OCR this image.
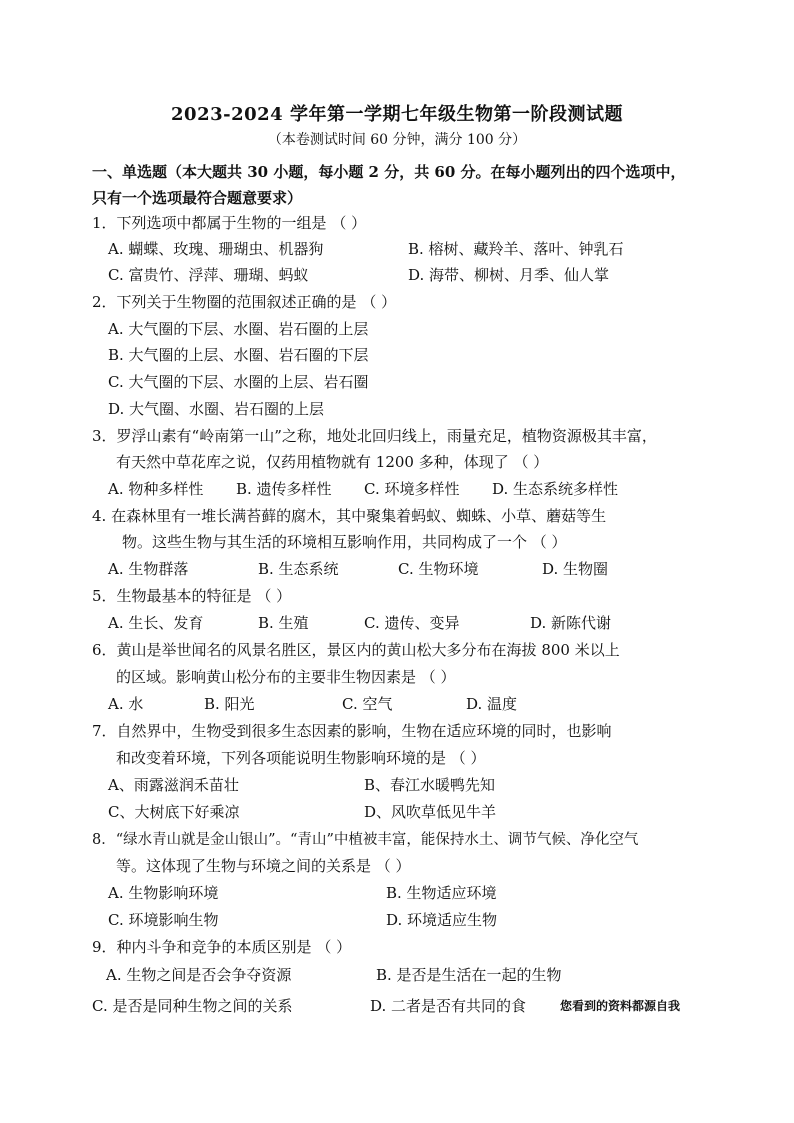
2023-2024 学年第一学期七年级生物第一阶段测试题
（本卷测试时间 60 分钟，满分 100 分）
一、单选题（本大题共 30 小题，每小题 2 分，共 60 分。在每小题列出的四个选项中，
只有一个选项最符合题意要求）
1．下列选项中都属于生物的一组是 （ ）
A. 蝴蝶、玫瑰、珊瑚虫、机器狗	B. 榕树、藏羚羊、落叶、钟乳石
C. 富贵竹、浮萍、珊瑚、蚂蚁	D. 海带、柳树、月季、仙人掌
2．下列关于生物圈的范围叙述正确的是 （ ）
A. 大气圈的下层、水圈、岩石圈的上层
B. 大气圈的上层、水圈、岩石圈的下层
C. 大气圈的下层、水圈的上层、岩石圈
D. 大气圈、水圈、岩石圈的上层
3．罗浮山素有“岭南第一山”之称，地处北回归线上，雨量充足，植物资源极其丰富，
有天然中草花库之说，仅药用植物就有 1200 多种，体现了 （ ）
A. 物种多样性 B. 遗传多样性 C. 环境多样性 D. 生态系统多样性
4. 在森林里有一堆长满苔藓的腐木，其中聚集着蚂蚁、蜘蛛、小草、蘑菇等生
物。这些生物与其生活的环境相互影响作用，共同构成了一个 （ ）
A. 生物群落	B. 生态系统	C. 生物环境	D. 生物圈
5．生物最基本的特征是 （ ）
A. 生长、发育	B. 生殖	C. 遗传、变异	D. 新陈代谢
6．黄山是举世闻名的风景名胜区，景区内的黄山松大多分布在海拔 800 米以上
的区域。影响黄山松分布的主要非生物因素是 （ ）
A. 水	B. 阳光	C. 空气	D. 温度
7．自然界中，生物受到很多生态因素的影响，生物在适应环境的同时，也影响
和改变着环境，下列各项能说明生物影响环境的是 （ ）
A、雨露滋润禾苗壮	B、春江水暖鸭先知
C、大树底下好乘凉	D、风吹草低见牛羊
8．“绿水青山就是金山银山”。“青山”中植被丰富，能保持水土、调节气候、净化空气
等。这体现了生物与环境之间的关系是 （ ）
A. 生物影响环境	B. 生物适应环境
C. 环境影响生物	D. 环境适应生物
9．种内斗争和竞争的本质区别是 （ ）
A. 生物之间是否会争夺资源	B. 是否是生活在一起的生物
C. 是否是同种生物之间的关系	D. 二者是否有共同的食	您看到的资料都源自我
